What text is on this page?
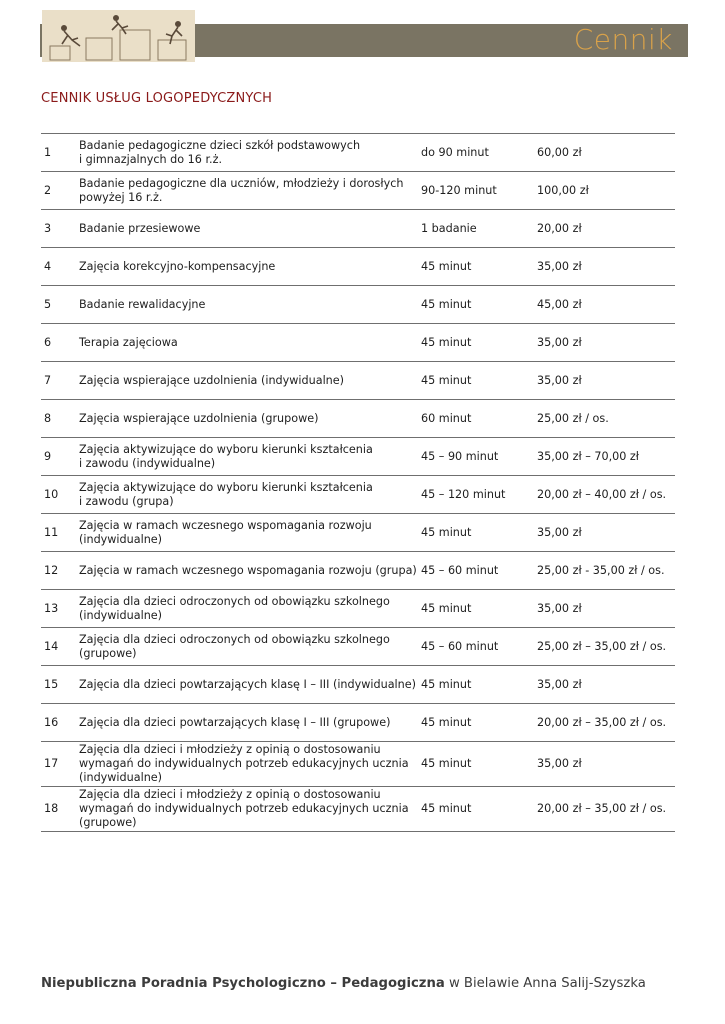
Cennik
CENNIK USŁUG LOGOPEDYCZNYCH
1	Badanie pedagogiczne dzieci szkół podstawowych
i gimnazjalnych do 16 r.ż.	do 90 minut	60,00 zł
2	Badanie pedagogiczne dla uczniów, młodzieży i dorosłych
powyżej 16 r.ż.	90-120 minut	100,00 zł
3	Badanie przesiewowe	1 badanie	20,00 zł
4	Zajęcia korekcyjno-kompensacyjne	45 minut	35,00 zł
5	Badanie rewalidacyjne	45 minut	45,00 zł
6	Terapia zajęciowa	45 minut	35,00 zł
7	Zajęcia wspierające uzdolnienia (indywidualne)	45 minut	35,00 zł
8	Zajęcia wspierające uzdolnienia (grupowe)	60 minut	25,00 zł / os.
9	Zajęcia aktywizujące do wyboru kierunki kształcenia
i zawodu (indywidualne)	45 – 90 minut	35,00 zł – 70,00 zł
10	Zajęcia aktywizujące do wyboru kierunki kształcenia
i zawodu (grupa)	45 – 120 minut	20,00 zł – 40,00 zł / os.
11	Zajęcia w ramach wczesnego wspomagania rozwoju
(indywidualne)	45 minut	35,00 zł
12	Zajęcia w ramach wczesnego wspomagania rozwoju (grupa)	45 – 60 minut	25,00 zł - 35,00 zł / os.
13	Zajęcia dla dzieci odroczonych od obowiązku szkolnego
(indywidualne)	45 minut	35,00 zł
14	Zajęcia dla dzieci odroczonych od obowiązku szkolnego
(grupowe)	45 – 60 minut	25,00 zł – 35,00 zł / os.
15	Zajęcia dla dzieci powtarzających klasę I – III (indywidualne)	45 minut	35,00 zł
16	Zajęcia dla dzieci powtarzających klasę I – III (grupowe)	45 minut	20,00 zł – 35,00 zł / os.
17	Zajęcia dla dzieci i młodzieży z opinią o dostosowaniu
wymagań do indywidualnych potrzeb edukacyjnych ucznia
(indywidualne)	45 minut	35,00 zł
18	Zajęcia dla dzieci i młodzieży z opinią o dostosowaniu
wymagań do indywidualnych potrzeb edukacyjnych ucznia
(grupowe)	45 minut	20,00 zł – 35,00 zł / os.
Niepubliczna Poradnia Psychologiczno – Pedagogiczna w Bielawie Anna Salij-Szyszka
